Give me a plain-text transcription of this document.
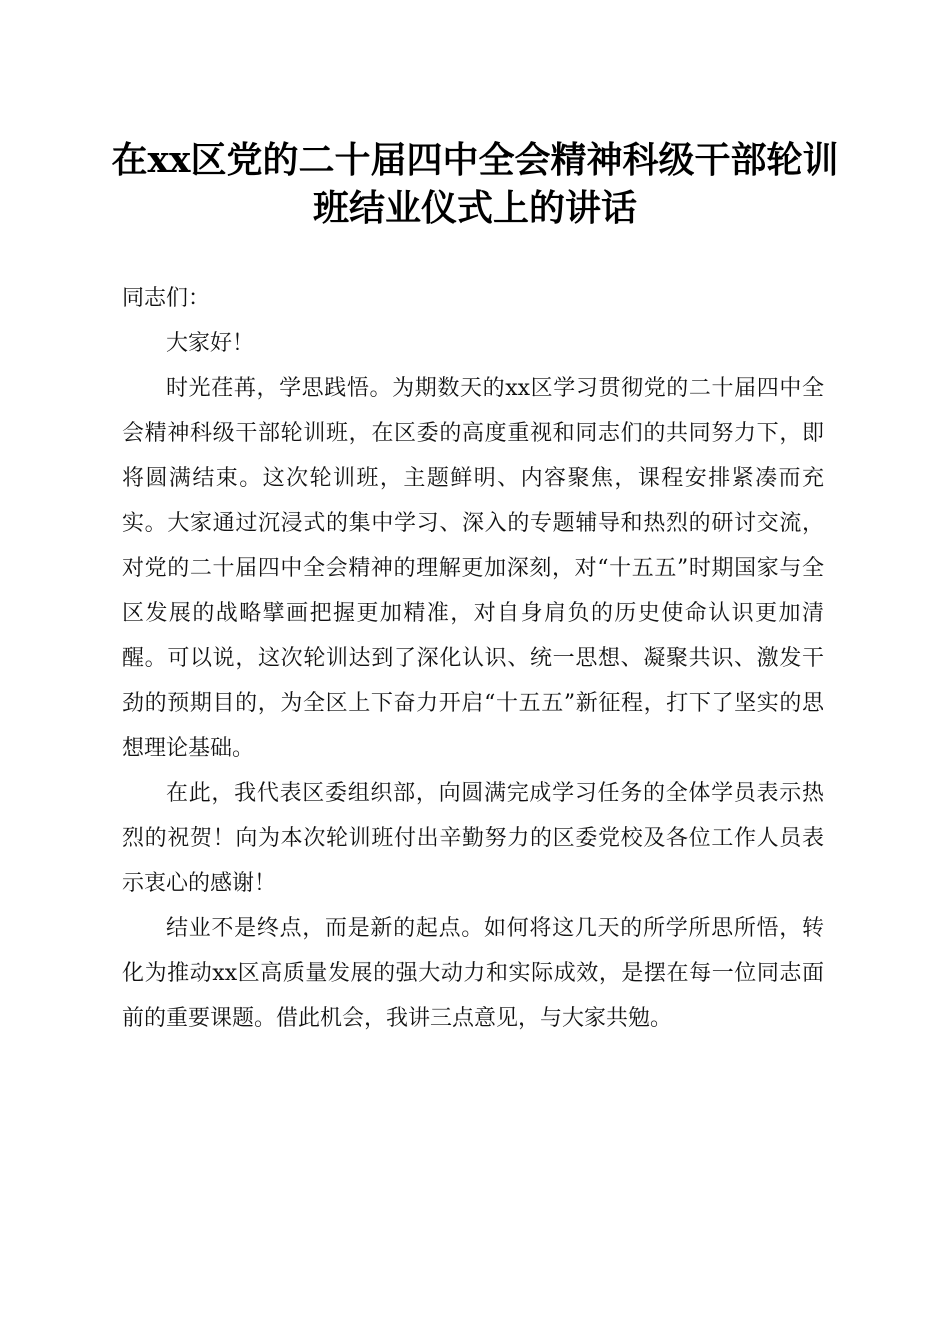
在xx区党的二十届四中全会精神科级干部轮训班结业仪式上的讲话

同志们：

大家好！

时光荏苒，学思践悟。为期数天的xx区学习贯彻党的二十届四中全会精神科级干部轮训班，在区委的高度重视和同志们的共同努力下，即将圆满结束。这次轮训班，主题鲜明、内容聚焦，课程安排紧凑而充实。大家通过沉浸式的集中学习、深入的专题辅导和热烈的研讨交流，对党的二十届四中全会精神的理解更加深刻，对“十五五”时期国家与全区发展的战略擘画把握更加精准，对自身肩负的历史使命认识更加清醒。可以说，这次轮训达到了深化认识、统一思想、凝聚共识、激发干劲的预期目的，为全区上下奋力开启“十五五”新征程，打下了坚实的思想理论基础。

在此，我代表区委组织部，向圆满完成学习任务的全体学员表示热烈的祝贺！向为本次轮训班付出辛勤努力的区委党校及各位工作人员表示衷心的感谢！

结业不是终点，而是新的起点。如何将这几天的所学所思所悟，转化为推动xx区高质量发展的强大动力和实际成效，是摆在每一位同志面前的重要课题。借此机会，我讲三点意见，与大家共勉。
